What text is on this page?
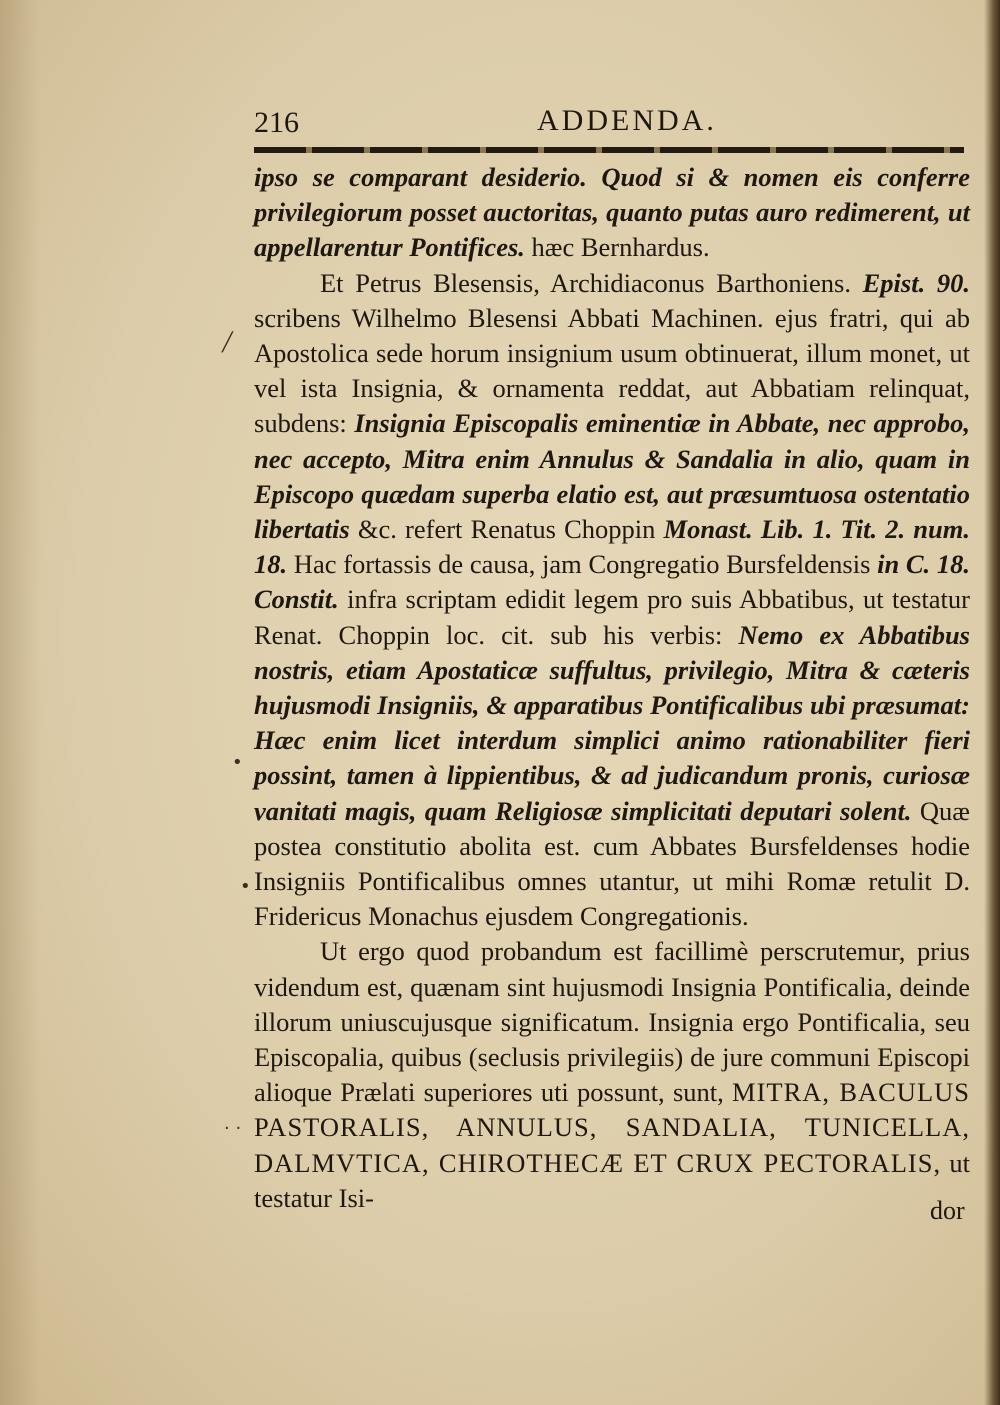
216	ADDENDA.

ipso se comparant desiderio. Quod si & nomen eis conferre privilegiorum posset auctoritas, quanto putas auro redimerent, ut appellarentur Pontifices. hæc Bernhardus.

Et Petrus Blesensis, Archidiaconus Barthoniens. Epist. 90. scribens Wilhelmo Blesensi Abbati Machinen. ejus fratri, qui ab Apostolica sede horum insignium usum obtinuerat, illum monet, ut vel ista Insignia, & ornamenta reddat, aut Abbatiam relinquat, subdens: Insignia Episcopalis eminentiæ in Abbate, nec approbo, nec accepto, Mitra enim Annulus & Sandalia in alio, quam in Episcopo quædam superba elatio est, aut præsumtuosa ostentatio libertatis &c. refert Renatus Choppin Monast. Lib. 1. Tit. 2. num. 18. Hac fortassis de causa, jam Congregatio Bursfeldensis in C. 18. Constit. infra scriptam edidit legem pro suis Abbatibus, ut testatur Renat. Choppin loc. cit. sub his verbis: Nemo ex Abbatibus nostris, etiam Apostaticæ suffultus, privilegio, Mitra & cæteris hujusmodi Insigniis, & apparatibus Pontificalibus ubi præsumat: Hæc enim licet interdum simplici animo rationabiliter fieri possint, tamen à lippientibus, & ad judicandum pronis, curiosæ vanitati magis, quam Religiosæ simplicitati deputari solent. Quæ postea constitutio abolita est. cum Abbates Bursfeldenses hodie Insigniis Pontificalibus omnes utantur, ut mihi Romæ retulit D. Fridericus Monachus ejusdem Congregationis.

Ut ergo quod probandum est facillimè perscrutemur, prius videndum est, quænam sint hujusmodi Insignia Pontificalia, deinde illorum uniuscujusque significatum. Insignia ergo Pontificalia, seu Episcopalia, quibus (seclusis privilegiis) de jure communi Episcopi alioque Prælati superiores uti possunt, sunt, MITRA, BACULUS PASTORALIS, ANNULUS, SANDALIA, TUNICELLA, DALMVTICA, CHIROTHECÆ ET CRUX PECTORALIS, ut testatur Isi-	dor
╱
•
•
· ·
